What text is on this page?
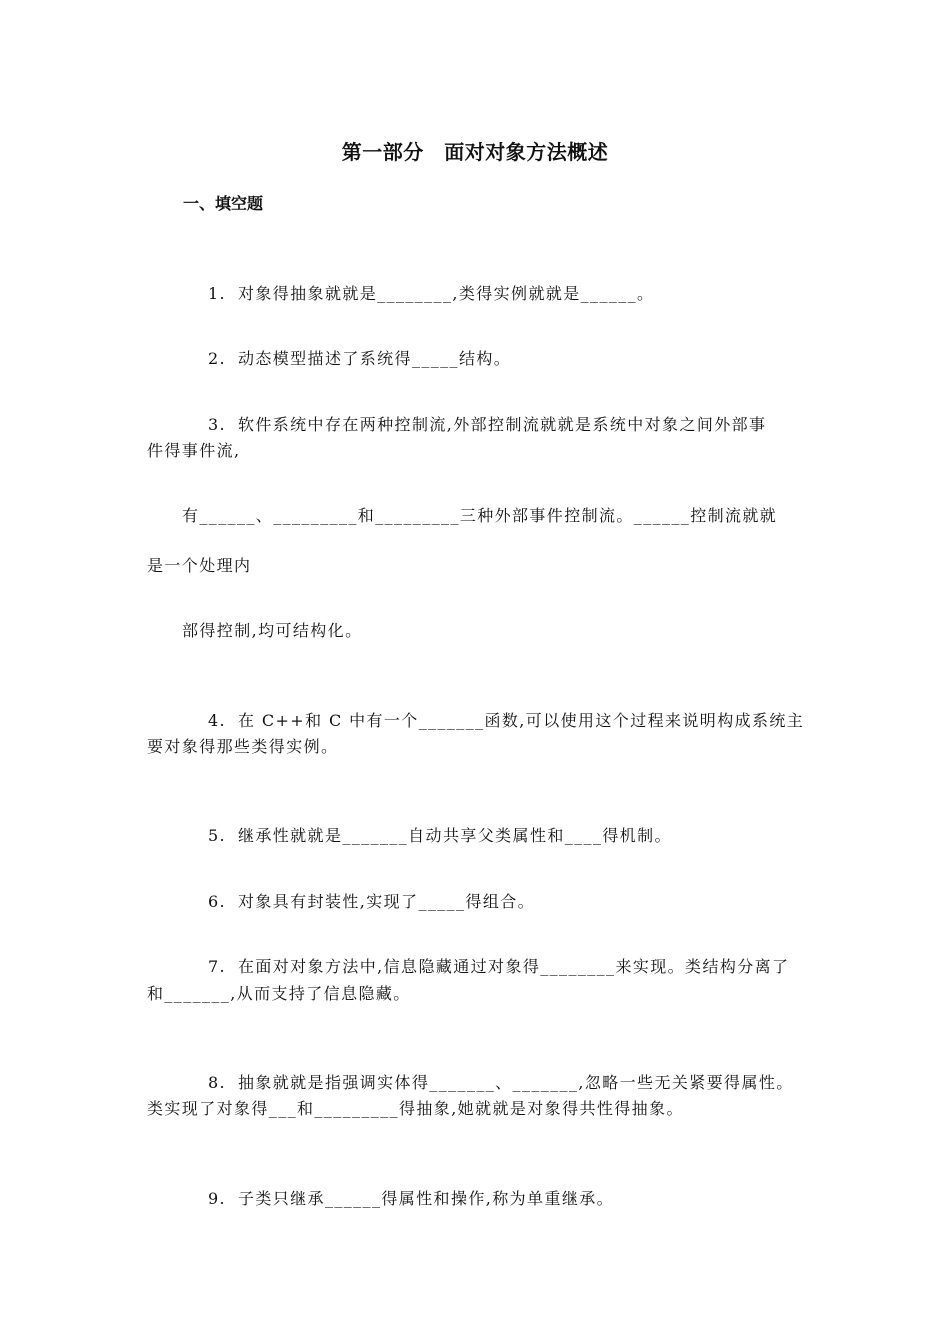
第一部分　面对对象方法概述
一、填空题

1. 对象得抽象就就是________,类得实例就就是______。

2. 动态模型描述了系统得_____结构。

3. 软件系统中存在两种控制流,外部控制流就就是系统中对象之间外部事

件得事件流,
有______、_________和_________三种外部事件控制流。______控制流就就
是一个处理内
部得控制,均可结构化。

4. 在 C++和 C 中有一个_______函数,可以使用这个过程来说明构成系统主

要对象得那些类得实例。

5. 继承性就就是_______自动共享父类属性和____得机制。

6. 对象具有封装性,实现了_____得组合。

7. 在面对对象方法中,信息隐藏通过对象得________来实现。类结构分离了

和_______,从而支持了信息隐藏。

8. 抽象就就是指强调实体得_______、_______,忽略一些无关紧要得属性。

类实现了对象得___和_________得抽象,她就就是对象得共性得抽象。

9. 子类只继承______得属性和操作,称为单重继承。
